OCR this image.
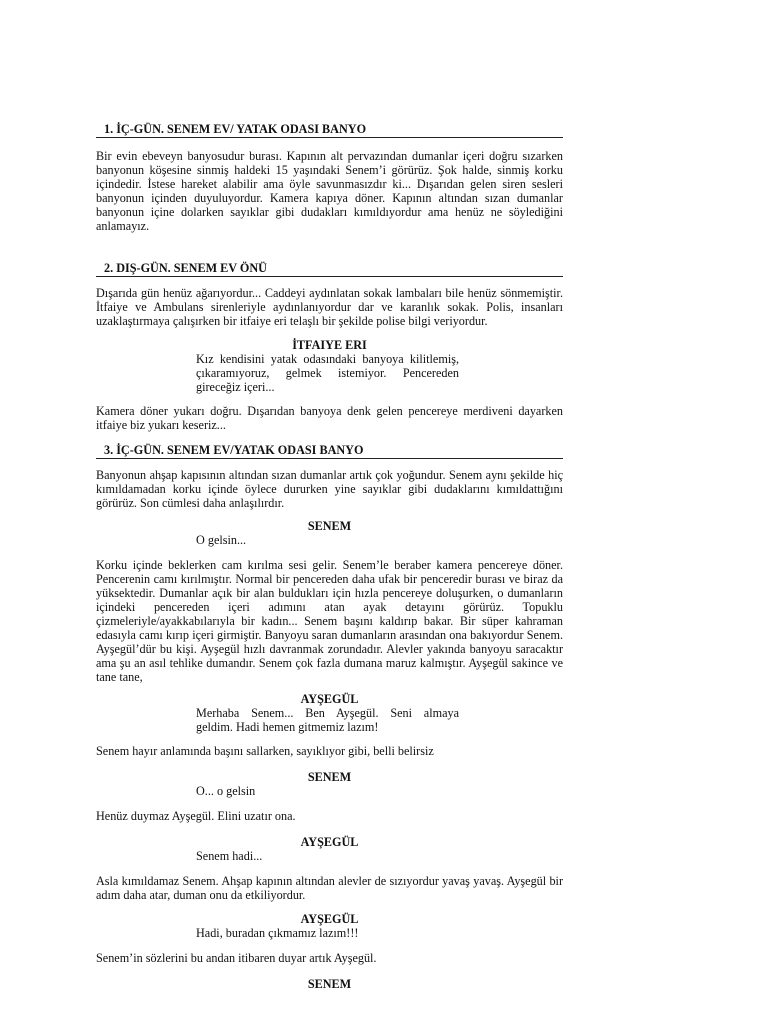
1. İÇ-GÜN. SENEM EV/ YATAK ODASI BANYO
Bir evin ebeveyn banyosudur burası. Kapının alt pervazından dumanlar içeri doğru sızarken banyonun köşesine sinmiş haldeki 15 yaşındaki Senem’i görürüz. Şok halde, sinmiş korku içindedir. İstese hareket alabilir ama öyle savunmasızdır ki... Dışarıdan gelen siren sesleri banyonun içinden duyuluyordur. Kamera kapıya döner. Kapının altından sızan dumanlar banyonun içine dolarken sayıklar gibi dudakları kımıldıyordur ama henüz ne söylediğini anlamayız.
2. DIŞ-GÜN. SENEM EV ÖNÜ
Dışarıda gün henüz ağarıyordur... Caddeyi aydınlatan sokak lambaları bile henüz sönmemiştir. İtfaiye ve Ambulans sirenleriyle aydınlanıyordur dar ve karanlık sokak. Polis, insanları uzaklaştırmaya çalışırken bir itfaiye eri telaşlı bir şekilde polise bilgi veriyordur.
İTFAIYE ERI
Kız kendisini yatak odasındaki banyoya kilitlemiş,
çıkaramıyoruz, gelmek istemiyor. Pencereden
gireceğiz içeri...
Kamera döner yukarı doğru. Dışarıdan banyoya denk gelen pencereye merdiveni dayarken itfaiye biz yukarı keseriz...
3. İÇ-GÜN. SENEM EV/YATAK ODASI BANYO
Banyonun ahşap kapısının altından sızan dumanlar artık çok yoğundur. Senem aynı şekilde hiç kımıldamadan korku içinde öylece dururken yine sayıklar gibi dudaklarını kımıldattığını görürüz. Son cümlesi daha anlaşılırdır.
SENEM
O gelsin...
Korku içinde beklerken cam kırılma sesi gelir. Senem’le beraber kamera pencereye döner. Pencerenin camı kırılmıştır. Normal bir pencereden daha ufak bir penceredir burası ve biraz da yüksektedir. Dumanlar açık bir alan buldukları için hızla pencereye doluşurken, o dumanların içindeki pencereden içeri adımını atan ayak detayını görürüz. Topuklu çizmeleriyle/ayakkabılarıyla bir kadın... Senem başını kaldırıp bakar. Bir süper kahraman edasıyla camı kırıp içeri girmiştir. Banyoyu saran dumanların arasından ona bakıyordur Senem. Ayşegül’dür bu kişi. Ayşegül hızlı davranmak zorundadır. Alevler yakında banyoyu saracaktır ama şu an asıl tehlike dumandır. Senem çok fazla dumana maruz kalmıştır. Ayşegül sakince ve tane tane,
AYŞEGÜL
Merhaba Senem... Ben Ayşegül. Seni almaya
geldim. Hadi hemen gitmemiz lazım!
Senem hayır anlamında başını sallarken, sayıklıyor gibi, belli belirsiz
SENEM
O... o gelsin
Henüz duymaz Ayşegül. Elini uzatır ona.
AYŞEGÜL
Senem hadi...
Asla kımıldamaz Senem. Ahşap kapının altından alevler de sızıyordur yavaş yavaş. Ayşegül bir adım daha atar, duman onu da etkiliyordur.
AYŞEGÜL
Hadi, buradan çıkmamız lazım!!!
Senem’in sözlerini bu andan itibaren duyar artık Ayşegül.
SENEM
